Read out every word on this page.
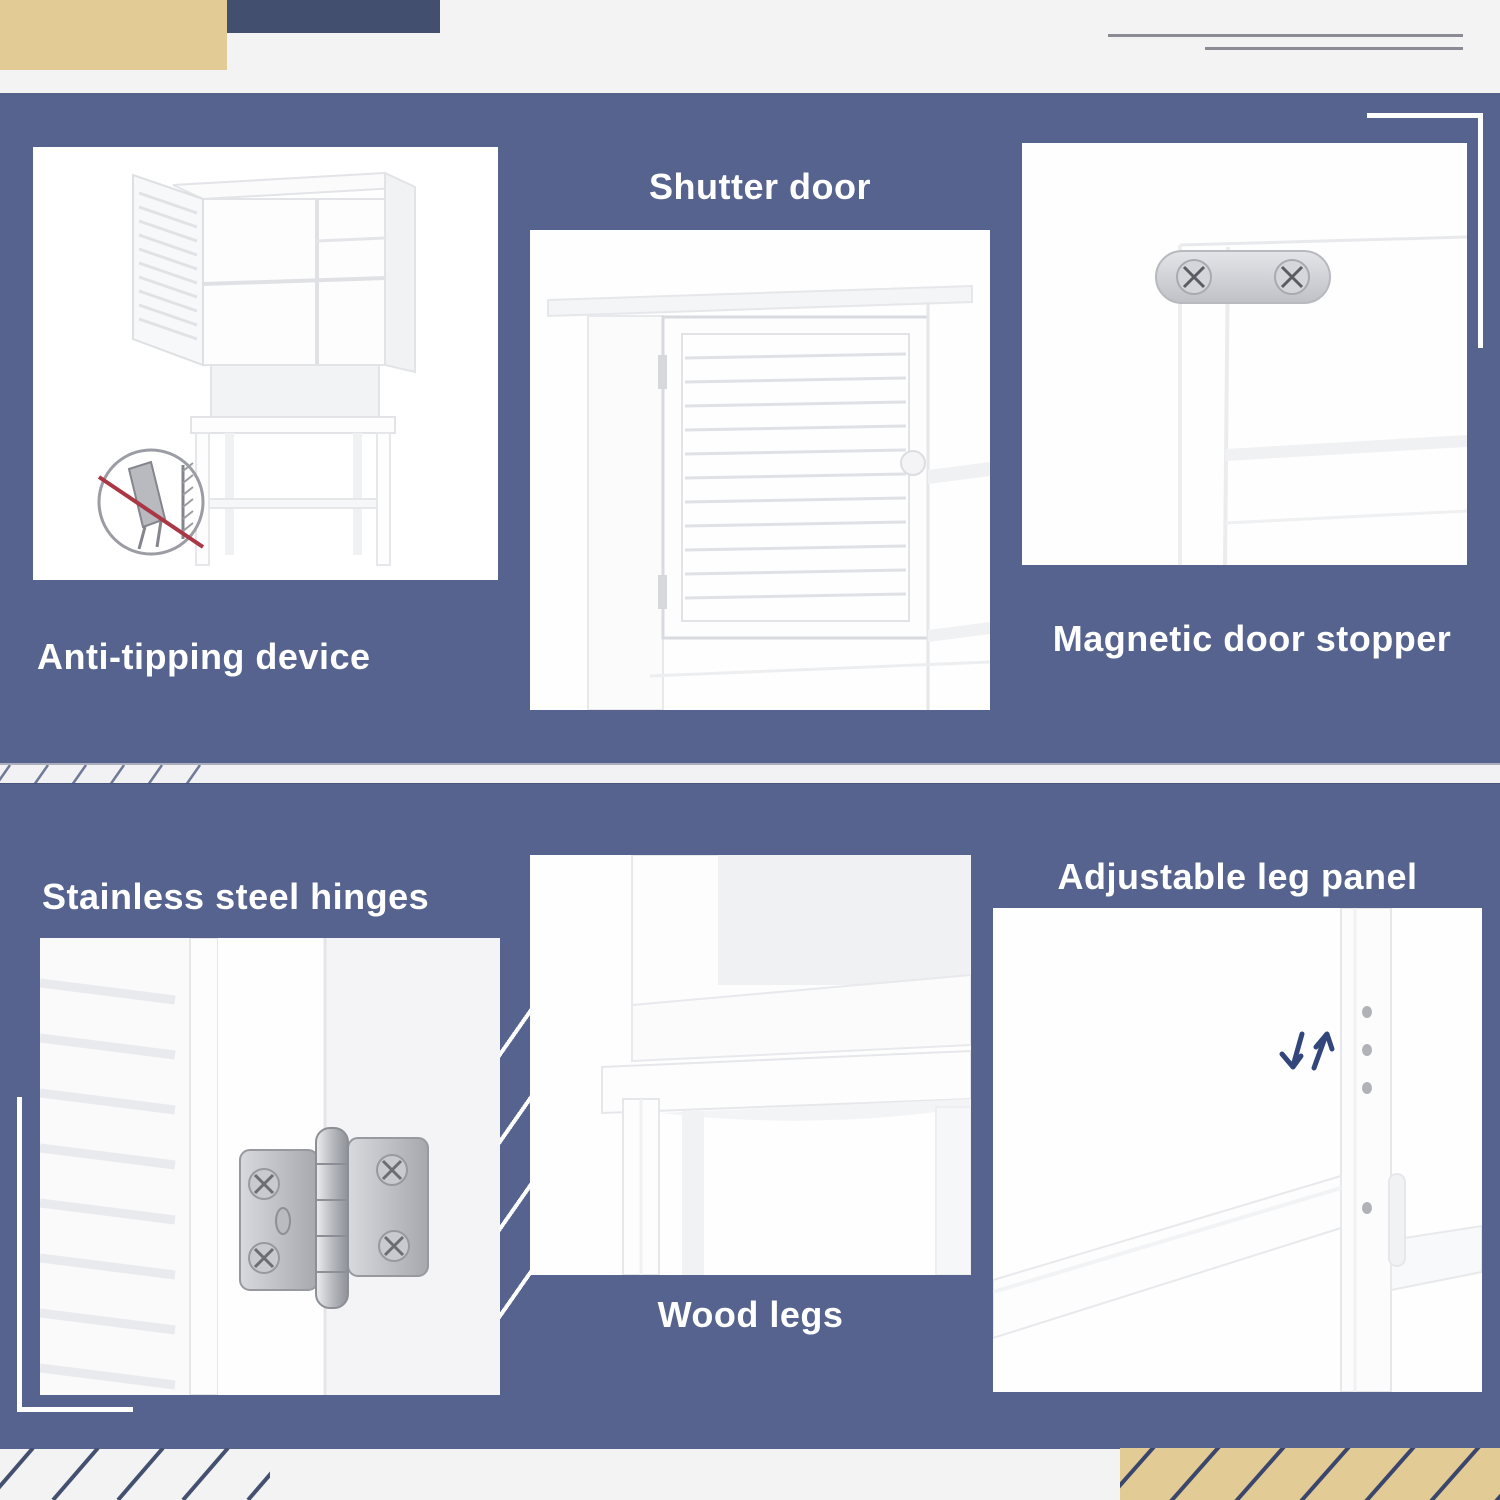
Anti-tipping device
Shutter door
Magnetic door stopper
Stainless steel hinges
Wood legs
Adjustable leg panel
